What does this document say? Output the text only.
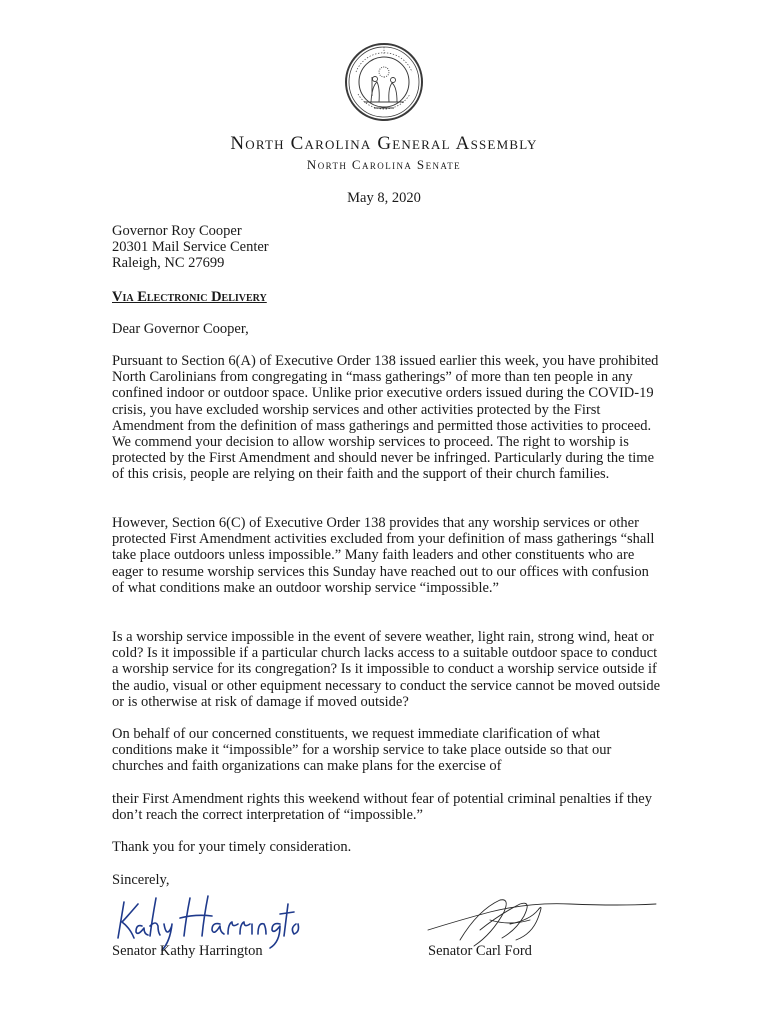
North Carolina General Assembly
North Carolina Senate
May 8, 2020

Governor Roy Cooper

20301 Mail Service Center

Raleigh, NC 27699

Via Electronic Delivery
Dear Governor Cooper,
Pursuant to Section 6(A) of Executive Order 138 issued earlier this week, you have prohibited North Carolinians from congregating in “mass gatherings” of more than ten people in any confined indoor or outdoor space. Unlike prior executive orders issued during the COVID-19 crisis, you have excluded worship services and other activities protected by the First Amendment from the definition of mass gatherings and permitted those activities to proceed. We commend your decision to allow worship services to proceed. The right to worship is protected by the First Amendment and should never be infringed. Particularly during the time of this crisis, people are relying on their faith and the support of their church families.
However, Section 6(C) of Executive Order 138 provides that any worship services or other protected First Amendment activities excluded from your definition of mass gatherings “shall take place outdoors unless impossible.” Many faith leaders and other constituents who are eager to resume worship services this Sunday have reached out to our offices with confusion of what conditions make an outdoor worship service “impossible.”
Is a worship service impossible in the event of severe weather, light rain, strong wind, heat or cold? Is it impossible if a particular church lacks access to a suitable outdoor space to conduct a worship service for its congregation? Is it impossible to conduct a worship service outside if the audio, visual or other equipment necessary to conduct the service cannot be moved outside or is otherwise at risk of damage if moved outside?
On behalf of our concerned constituents, we request immediate clarification of what conditions make it “impossible” for a worship service to take place outside so that our churches and faith organizations can make plans for the exercise of
their First Amendment rights this weekend without fear of potential criminal penalties if they don’t reach the correct interpretation of “impossible.”
Thank you for your timely consideration.
Sincerely,
Senator Kathy Harrington	Senator Carl Ford
